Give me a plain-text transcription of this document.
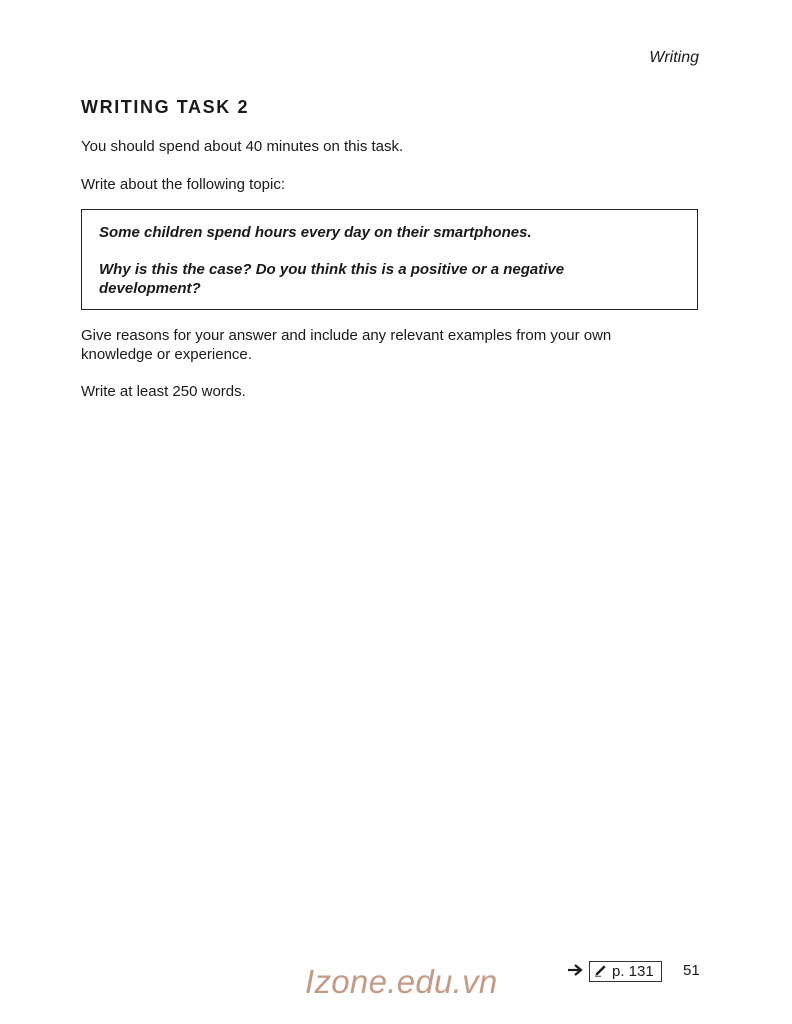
Writing
WRITING TASK 2
You should spend about 40 minutes on this task.
Write about the following topic:
Some children spend hours every day on their smartphones.
Why is this the case? Do you think this is a positive or a negative development?
Give reasons for your answer and include any relevant examples from your own knowledge or experience.
Write at least 250 words.
p. 131 51
Izone.edu.vn
